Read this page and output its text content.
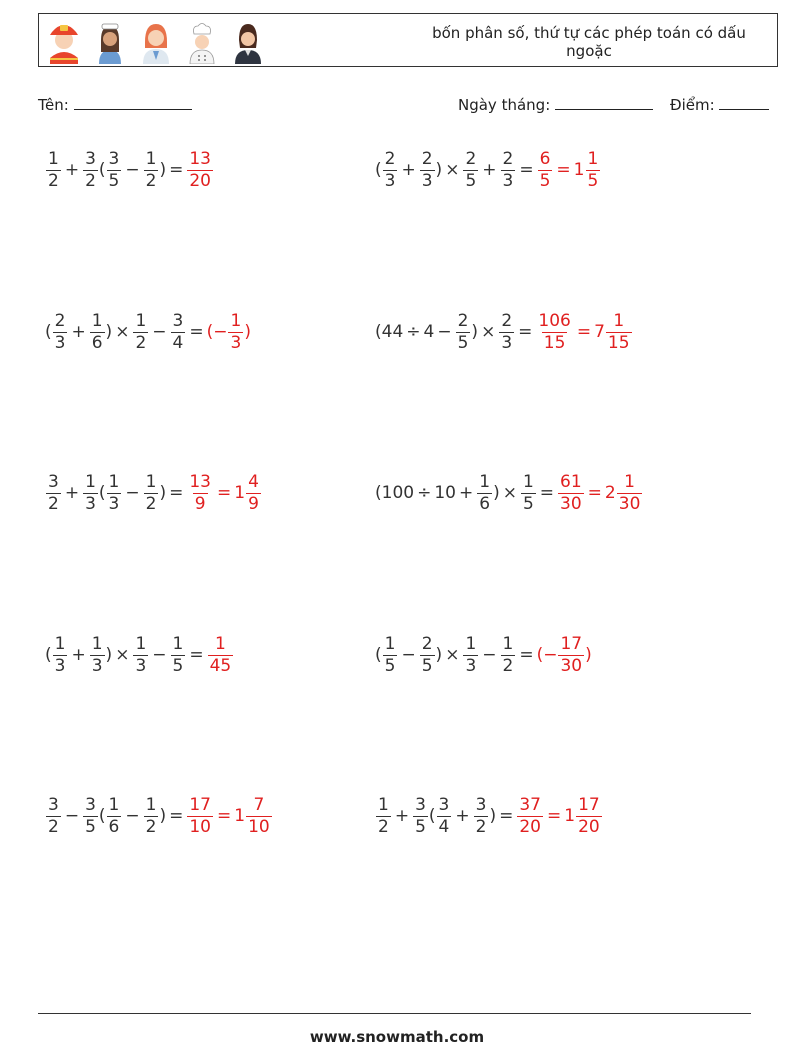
bốn phân số, thứ tự các phép toán có dấu ngoặc
Tên:	Ngày tháng:	Điểm:
$\frac{1}{2} + \frac{3}{2}$ ( $\frac{3}{5} - \frac{1}{2}$ ) = $\frac{13}{20}$	( $\frac{2}{3} + \frac{2}{3}$ ) × $\frac{2}{5} + \frac{2}{3} = \frac{6}{5} = 1 \frac{1}{5}$
( $\frac{2}{3} + \frac{1}{6}$ ) × $\frac{1}{2} - \frac{3}{4}$ = (− $\frac{1}{3}$ )	($44 \div 4 - \frac{2}{5}$ ) × $\frac{2}{3} = \frac{106}{15} = 7 \frac{1}{15}$
$\frac{3}{2} + \frac{1}{3}$ ( $\frac{1}{3} - \frac{1}{2}$ ) = $\frac{13}{9} = 1 \frac{4}{9}$	($100 \div 10 + \frac{1}{6}$ ) × $\frac{1}{5} = \frac{61}{30} = 2 \frac{1}{30}$
( $\frac{1}{3} + \frac{1}{3}$ ) × $\frac{1}{3} - \frac{1}{5} = \frac{1}{45}$	( $\frac{1}{5} - \frac{2}{5}$ ) × $\frac{1}{3} - \frac{1}{2}$ = (− $\frac{17}{30}$ )
$\frac{3}{2} - \frac{3}{5}$ ( $\frac{1}{6} - \frac{1}{2}$ ) = $\frac{17}{10} = 1 \frac{7}{10}$	$\frac{1}{2} + \frac{3}{5}$ ( $\frac{3}{4} + \frac{3}{2}$ ) = $\frac{37}{20} = 1 \frac{17}{20}$
www.snowmath.com
